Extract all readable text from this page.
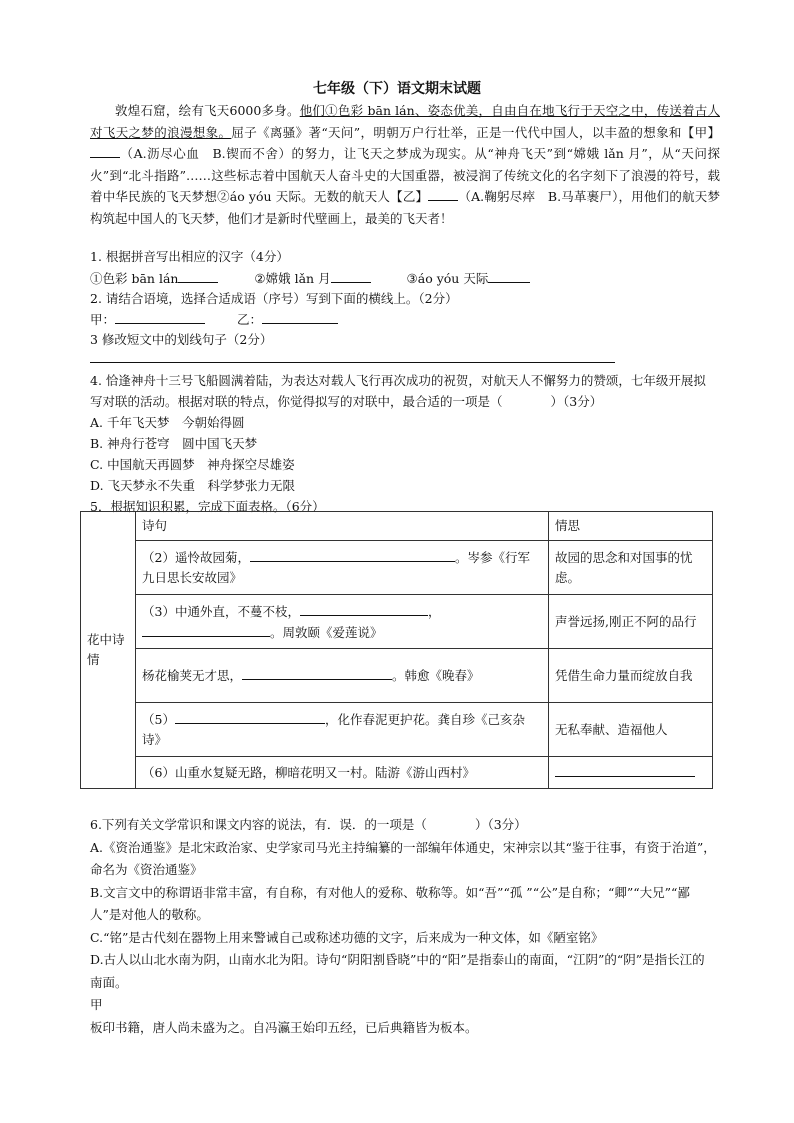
七年级（下）语文期末试题
敦煌石窟，绘有飞天6000多身。他们①色彩 bān lán、姿态优美，自由自在地飞行于天空之中，传送着古人对飞天之梦的浪漫想象。屈子《离骚》著“天问”，明朝万户行壮举，正是一代代中国人，以丰盈的想象和【甲】（A.沥尽心血　B.锲而不舍）的努力，让飞天之梦成为现实。从“神舟飞天”到“嫦娥 lǎn 月”，从“天问探火”到“北斗指路”……这些标志着中国航天人奋斗史的大国重器，被浸润了传统文化的名字刻下了浪漫的符号，载着中华民族的飞天梦想②áo yóu 天际。无数的航天人【乙】 （A.鞠躬尽瘁　B.马革裹尸），用他们的航天梦构筑起中国人的飞天梦，他们才是新时代壁画上，最美的飞天者！
1. 根据拼音写出相应的汉字（4分）
①色彩 bān lán	②嫦娥 lǎn 月	③áo yóu 天际
2. 请结合语境，选择合适成语（序号）写到下面的横线上。（2分）
甲：	乙：
3 修改短文中的划线句子（2分）
4. 恰逢神舟十三号飞船圆满着陆，为表达对载人飞行再次成功的祝贺，对航天人不懈努力的赞颂，七年级开展拟写对联的活动。根据对联的特点，你觉得拟写的对联中，最合适的一项是（	）（3分）
A. 千年飞天梦　今朝始得圆
B. 神舟行苍穹　圆中国飞天梦
C. 中国航天再圆梦　神舟探空尽雄姿
D. 飞天梦永不失重　科学梦张力无限
5．根据知识积累，完成下面表格。（6分）
花中诗情	诗句	情思
	（2）遥怜故园菊， 。岑参《行军九日思长安故园》	故园的思念和对国事的忧虑。
	（3）中通外直，不蔓不枝， ，
。周敦颐《爱莲说》	声誉远扬,刚正不阿的品行
	杨花榆荚无才思， 。韩愈《晚春》	凭借生命力量而绽放自我
	（5） ，化作春泥更护花。龚自珍《己亥杂诗》	无私奉献、造福他人
	（6）山重水复疑无路，柳暗花明又一村。陆游《游山西村》	

6.下列有关文学常识和课文内容的说法，有．误．的一项是（	）（3分）

A.《资治通鉴》是北宋政治家、史学家司马光主持编纂的一部编年体通史，宋神宗以其“鉴于往事，有资于治道”，命名为《资治通鉴》

B.文言文中的称谓语非常丰富，有自称，有对他人的爱称、敬称等。如“吾”“孤 ”“公”是自称；“卿”“大兄”“鄙人”是对他人的敬称。

C.“铭”是古代刻在器物上用来警诫自己或称述功德的文字，后来成为一种文体，如《陋室铭》

D.古人以山北水南为阴，山南水北为阳。诗句“阴阳割昏晓”中的“阳”是指泰山的南面，“江阴”的“阴”是指长江的南面。

甲

板印书籍，唐人尚未盛为之。自冯瀛王始印五经，已后典籍皆为板本。
